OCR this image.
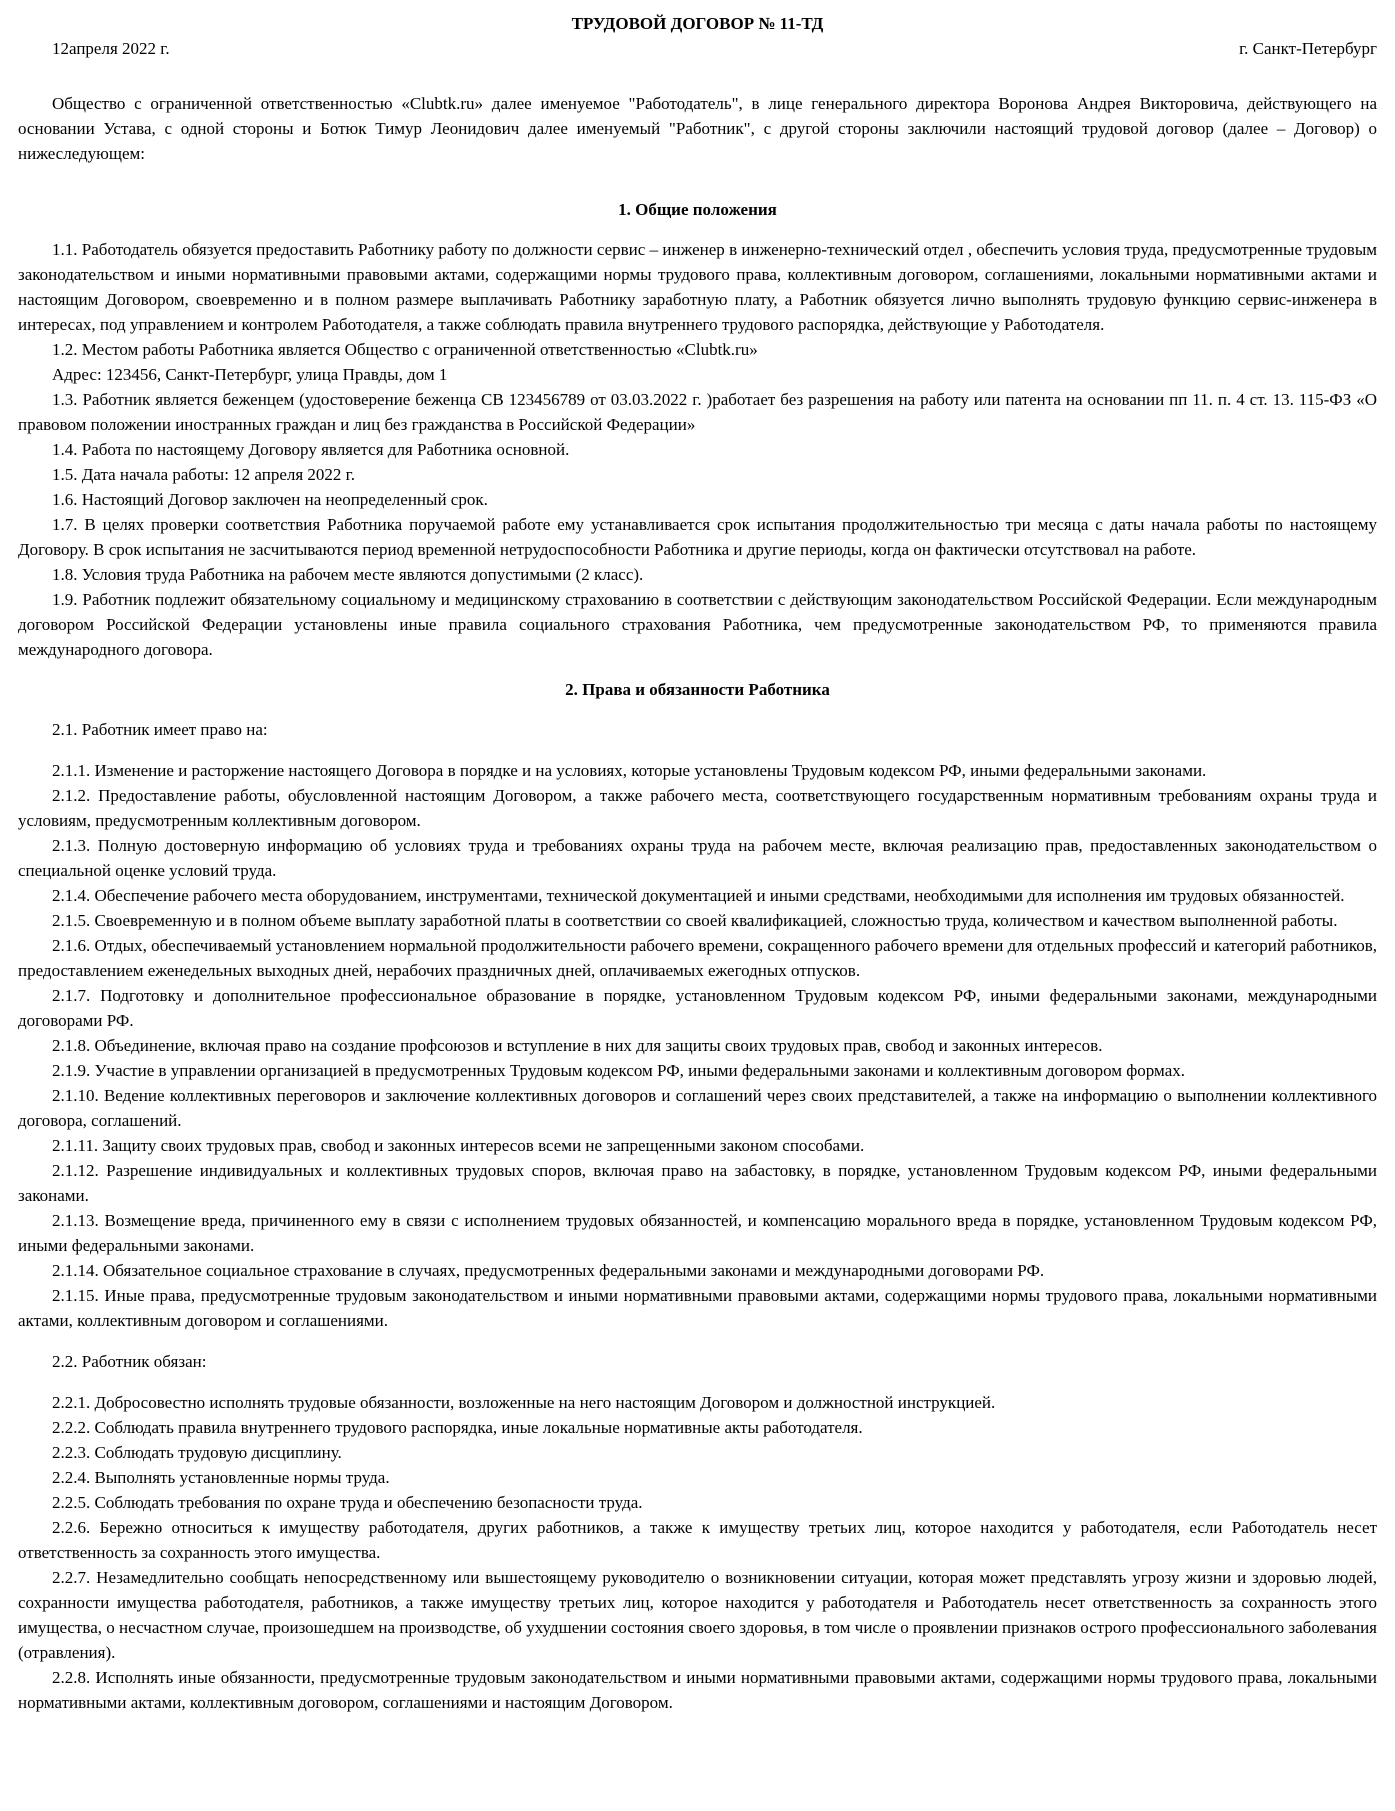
ТРУДОВОЙ ДОГОВОР № 11-ТД
12апреля 2022 г.	г. Санкт-Петербург
Общество с ограниченной ответственностью «Clubtk.ru» далее именуемое "Работодатель", в лице генерального директора Воронова Андрея Викторовича, действующего на основании Устава, с одной стороны и Ботюк Тимур Леонидович далее именуемый "Работник", с другой стороны заключили настоящий трудовой договор (далее – Договор) о нижеследующем:
1. Общие положения
1.1. Работодатель обязуется предоставить Работнику работу по должности сервис – инженер в инженерно-технический отдел , обеспечить условия труда, предусмотренные трудовым законодательством и иными нормативными правовыми актами, содержащими нормы трудового права, коллективным договором, соглашениями, локальными нормативными актами и настоящим Договором, своевременно и в полном размере выплачивать Работнику заработную плату, а Работник обязуется лично выполнять трудовую функцию сервис-инженера в интересах, под управлением и контролем Работодателя, а также соблюдать правила внутреннего трудового распорядка, действующие у Работодателя.
1.2. Местом работы Работника является Общество с ограниченной ответственностью «Clubtk.ru»
Адрес: 123456, Санкт-Петербург, улица Правды, дом 1
1.3. Работник является беженцем (удостоверение беженца СВ 123456789 от 03.03.2022 г. )работает без разрешения на работу или патента на основании пп 11. п. 4 ст. 13. 115-ФЗ «О правовом положении иностранных граждан и лиц без гражданства в Российской Федерации»
1.4. Работа по настоящему Договору является для Работника основной.
1.5. Дата начала работы: 12 апреля 2022 г.
1.6. Настоящий Договор заключен на неопределенный срок.
1.7. В целях проверки соответствия Работника поручаемой работе ему устанавливается срок испытания продолжительностью три месяца с даты начала работы по настоящему Договору. В срок испытания не засчитываются период временной нетрудоспособности Работника и другие периоды, когда он фактически отсутствовал на работе.
1.8. Условия труда Работника на рабочем месте являются допустимыми (2 класс).
1.9. Работник подлежит обязательному социальному и медицинскому страхованию в соответствии с действующим законодательством Российской Федерации. Если международным договором Российской Федерации установлены иные правила социального страхования Работника, чем предусмотренные законодательством РФ, то применяются правила международного договора.
2. Права и обязанности Работника
2.1. Работник имеет право на:
2.1.1. Изменение и расторжение настоящего Договора в порядке и на условиях, которые установлены Трудовым кодексом РФ, иными федеральными законами.
2.1.2. Предоставление работы, обусловленной настоящим Договором, а также рабочего места, соответствующего государственным нормативным требованиям охраны труда и условиям, предусмотренным коллективным договором.
2.1.3. Полную достоверную информацию об условиях труда и требованиях охраны труда на рабочем месте, включая реализацию прав, предоставленных законодательством о специальной оценке условий труда.
2.1.4. Обеспечение рабочего места оборудованием, инструментами, технической документацией и иными средствами, необходимыми для исполнения им трудовых обязанностей.
2.1.5. Своевременную и в полном объеме выплату заработной платы в соответствии со своей квалификацией, сложностью труда, количеством и качеством выполненной работы.
2.1.6. Отдых, обеспечиваемый установлением нормальной продолжительности рабочего времени, сокращенного рабочего времени для отдельных профессий и категорий работников, предоставлением еженедельных выходных дней, нерабочих праздничных дней, оплачиваемых ежегодных отпусков.
2.1.7. Подготовку и дополнительное профессиональное образование в порядке, установленном Трудовым кодексом РФ, иными федеральными законами, международными договорами РФ.
2.1.8. Объединение, включая право на создание профсоюзов и вступление в них для защиты своих трудовых прав, свобод и законных интересов.
2.1.9. Участие в управлении организацией в предусмотренных Трудовым кодексом РФ, иными федеральными законами и коллективным договором формах.
2.1.10. Ведение коллективных переговоров и заключение коллективных договоров и соглашений через своих представителей, а также на информацию о выполнении коллективного договора, соглашений.
2.1.11. Защиту своих трудовых прав, свобод и законных интересов всеми не запрещенными законом способами.
2.1.12. Разрешение индивидуальных и коллективных трудовых споров, включая право на забастовку, в порядке, установленном Трудовым кодексом РФ, иными федеральными законами.
2.1.13. Возмещение вреда, причиненного ему в связи с исполнением трудовых обязанностей, и компенсацию морального вреда в порядке, установленном Трудовым кодексом РФ, иными федеральными законами.
2.1.14. Обязательное социальное страхование в случаях, предусмотренных федеральными законами и международными договорами РФ.
2.1.15. Иные права, предусмотренные трудовым законодательством и иными нормативными правовыми актами, содержащими нормы трудового права, локальными нормативными актами, коллективным договором и соглашениями.
2.2. Работник обязан:
2.2.1. Добросовестно исполнять трудовые обязанности, возложенные на него настоящим Договором и должностной инструкцией.
2.2.2. Соблюдать правила внутреннего трудового распорядка, иные локальные нормативные акты работодателя.
2.2.3. Соблюдать трудовую дисциплину.
2.2.4. Выполнять установленные нормы труда.
2.2.5. Соблюдать требования по охране труда и обеспечению безопасности труда.
2.2.6. Бережно относиться к имуществу работодателя, других работников, а также к имуществу третьих лиц, которое находится у работодателя, если Работодатель несет ответственность за сохранность этого имущества.
2.2.7. Незамедлительно сообщать непосредственному или вышестоящему руководителю о возникновении ситуации, которая может представлять угрозу жизни и здоровью людей, сохранности имущества работодателя, работников, а также имуществу третьих лиц, которое находится у работодателя и Работодатель несет ответственность за сохранность этого имущества, о несчастном случае, произошедшем на производстве, об ухудшении состояния своего здоровья, в том числе о проявлении признаков острого профессионального заболевания (отравления).
2.2.8. Исполнять иные обязанности, предусмотренные трудовым законодательством и иными нормативными правовыми актами, содержащими нормы трудового права, локальными нормативными актами, коллективным договором, соглашениями и настоящим Договором.
